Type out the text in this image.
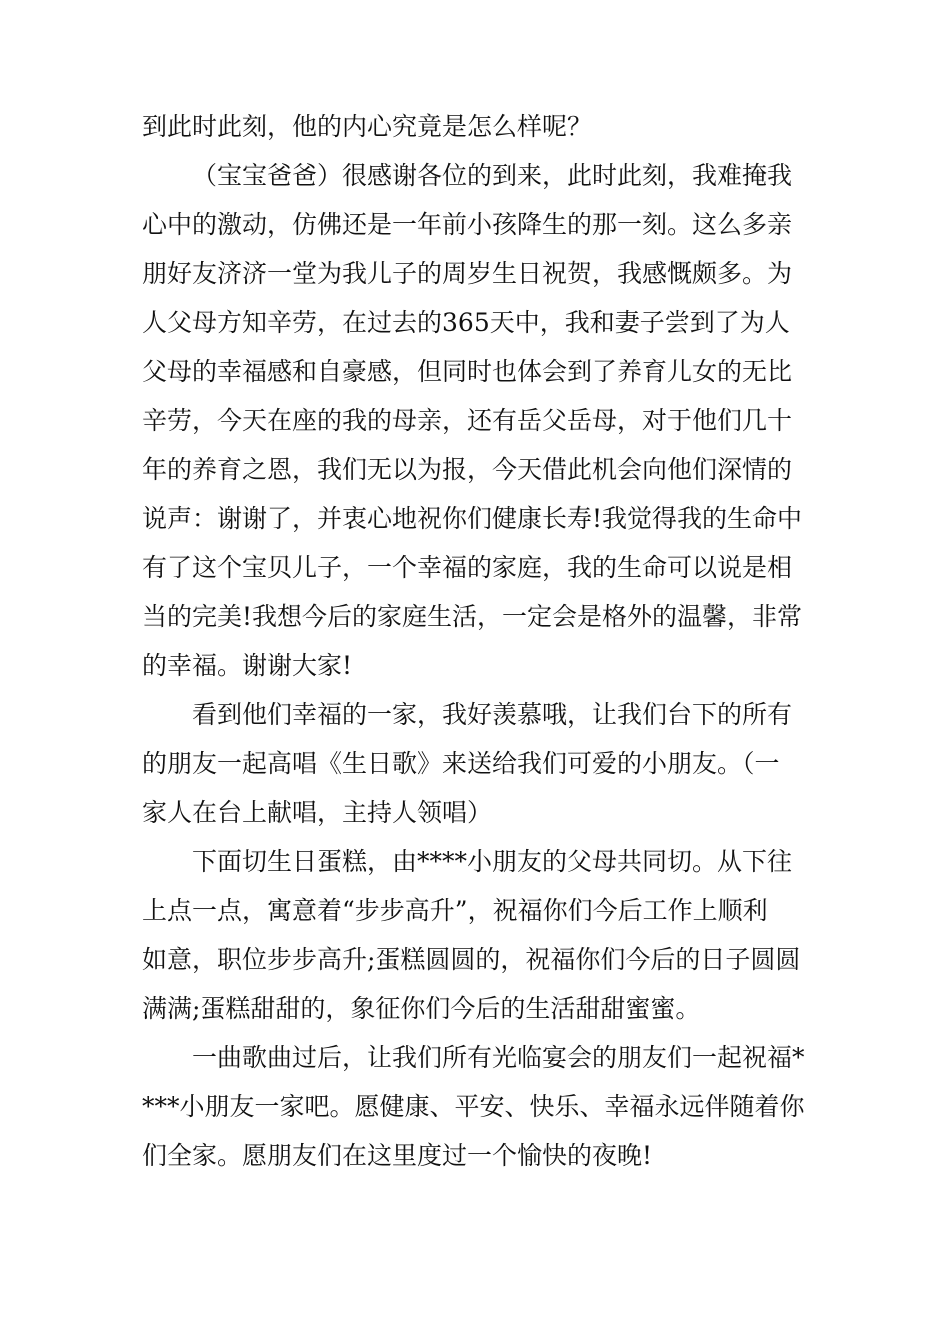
到此时此刻，他的内心究竟是怎么样呢？
（宝宝爸爸）很感谢各位的到来，此时此刻，我难掩我
心中的激动，仿佛还是一年前小孩降生的那一刻。这么多亲
朋好友济济一堂为我儿子的周岁生日祝贺，我感慨颇多。为
人父母方知辛劳，在过去的365天中，我和妻子尝到了为人
父母的幸福感和自豪感，但同时也体会到了养育儿女的无比
辛劳，今天在座的我的母亲，还有岳父岳母，对于他们几十
年的养育之恩，我们无以为报，今天借此机会向他们深情的
说声：谢谢了，并衷心地祝你们健康长寿!我觉得我的生命中
有了这个宝贝儿子，一个幸福的家庭，我的生命可以说是相
当的完美!我想今后的家庭生活，一定会是格外的温馨，非常
的幸福。谢谢大家!
看到他们幸福的一家，我好羡慕哦，让我们台下的所有
的朋友一起高唱《生日歌》来送给我们可爱的小朋友。（一
家人在台上献唱，主持人领唱）
下面切生日蛋糕，由****小朋友的父母共同切。从下往
上点一点，寓意着“步步高升”，祝福你们今后工作上顺利
如意，职位步步高升;蛋糕圆圆的，祝福你们今后的日子圆圆
满满;蛋糕甜甜的，象征你们今后的生活甜甜蜜蜜。
一曲歌曲过后，让我们所有光临宴会的朋友们一起祝福*
***小朋友一家吧。愿健康、平安、快乐、幸福永远伴随着你
们全家。愿朋友们在这里度过一个愉快的夜晚!
